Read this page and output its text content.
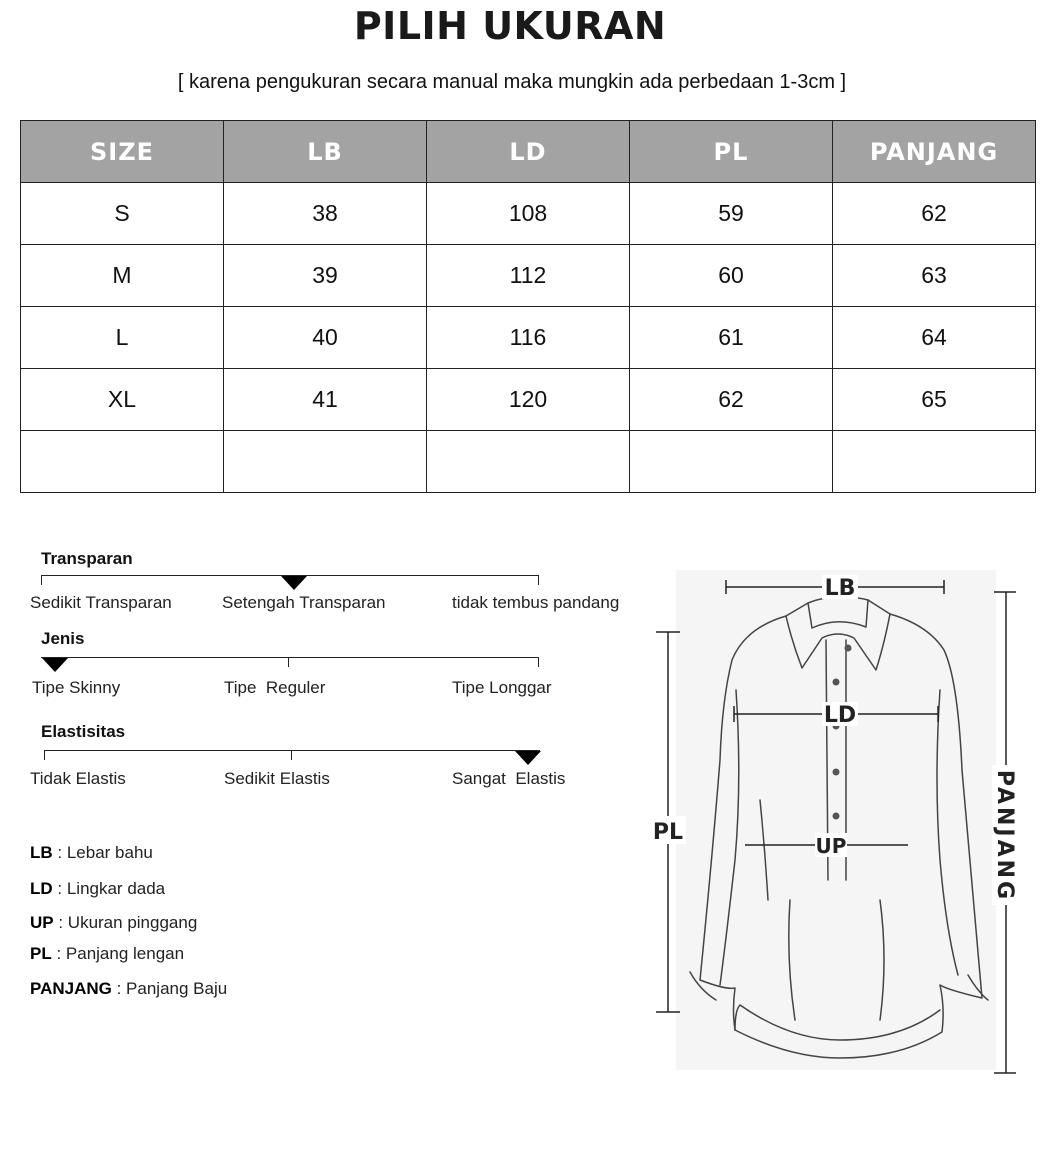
PILIH UKURAN
[ karena pengukuran secara manual maka mungkin ada perbedaan 1-3cm ]
SIZE	LB	LD	PL	PANJANG
S	38	108	59	62
M	39	112	60	63
L	40	116	61	64
XL	41	120	62	65

Transparan
Sedikit Transparan	Setengah Transparan	tidak tembus pandang
Jenis
Tipe Skinny	Tipe  Reguler	Tipe Longgar
Elastisitas
Tidak Elastis	Sedikit Elastis	Sangat  Elastis
LB : Lebar bahu
LD : Lingkar dada
UP : Ukuran pinggang
PL : Panjang lengan
PANJANG : Panjang Baju
LB
LD
UP
PL	PANJANG
